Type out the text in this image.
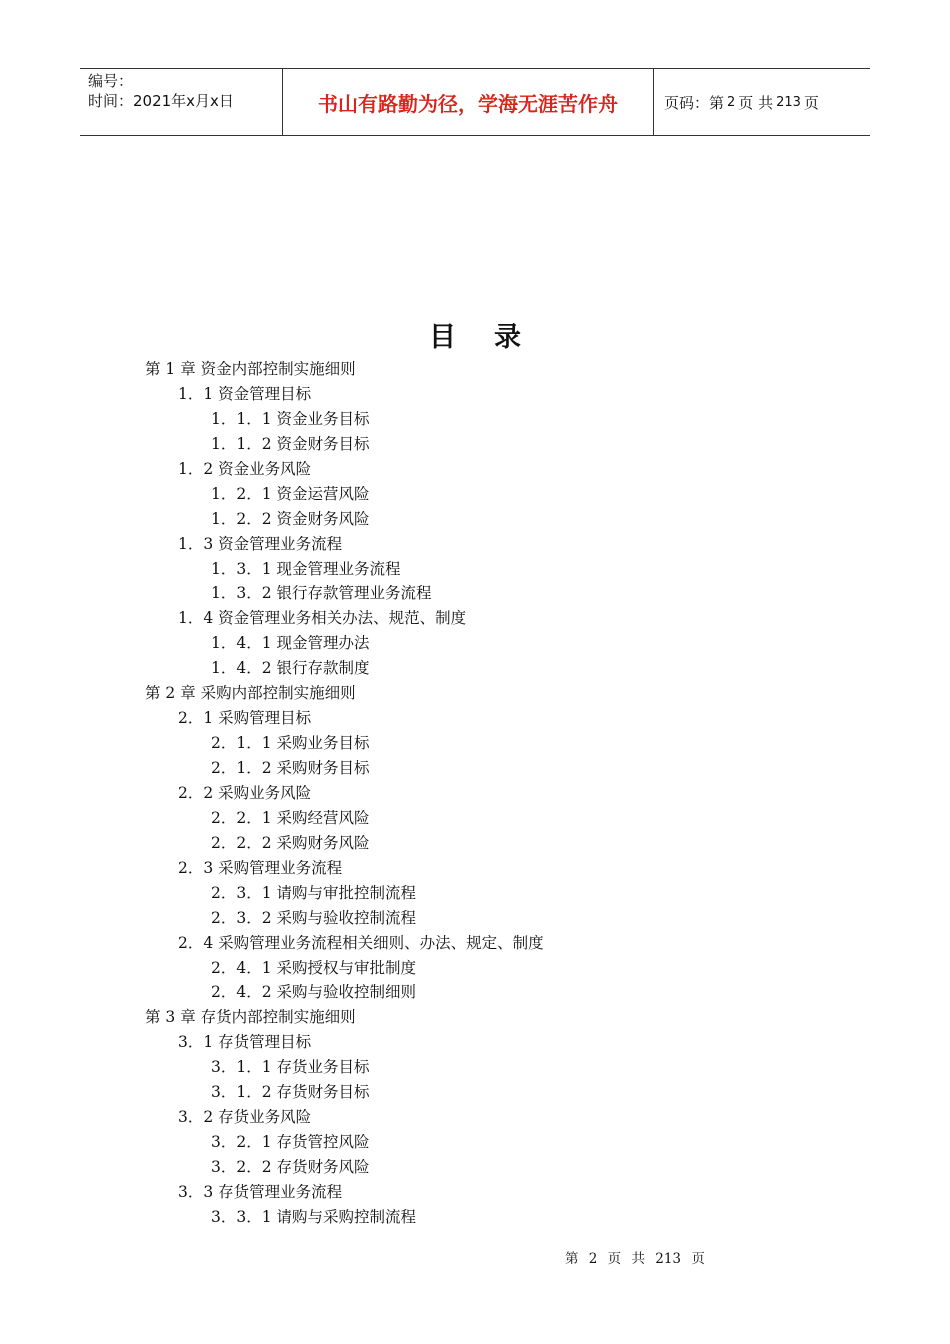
编号：
时间：2021年x月x日	书山有路勤为径，学海无涯苦作舟	页码：第 2 页 共 213 页
目录
第 1 章 资金内部控制实施细则
1．1 资金管理目标
1．1．1 资金业务目标
1．1．2 资金财务目标
1．2 资金业务风险
1．2．1 资金运营风险
1．2．2 资金财务风险
1．3 资金管理业务流程
1．3．1 现金管理业务流程
1．3．2 银行存款管理业务流程
1．4 资金管理业务相关办法、规范、制度
1．4．1 现金管理办法
1．4．2 银行存款制度
第 2 章 采购内部控制实施细则
2．1 采购管理目标
2．1．1 采购业务目标
2．1．2 采购财务目标
2．2 采购业务风险
2．2．1 采购经营风险
2．2．2 采购财务风险
2．3 采购管理业务流程
2．3．1 请购与审批控制流程
2．3．2 采购与验收控制流程
2．4 采购管理业务流程相关细则、办法、规定、制度
2．4．1 采购授权与审批制度
2．4．2 采购与验收控制细则
第 3 章 存货内部控制实施细则
3．1 存货管理目标
3．1．1 存货业务目标
3．1．2 存货财务目标
3．2 存货业务风险
3．2．1 存货管控风险
3．2．2 存货财务风险
3．3 存货管理业务流程
3．3．1 请购与采购控制流程
第 2 页 共 213 页
